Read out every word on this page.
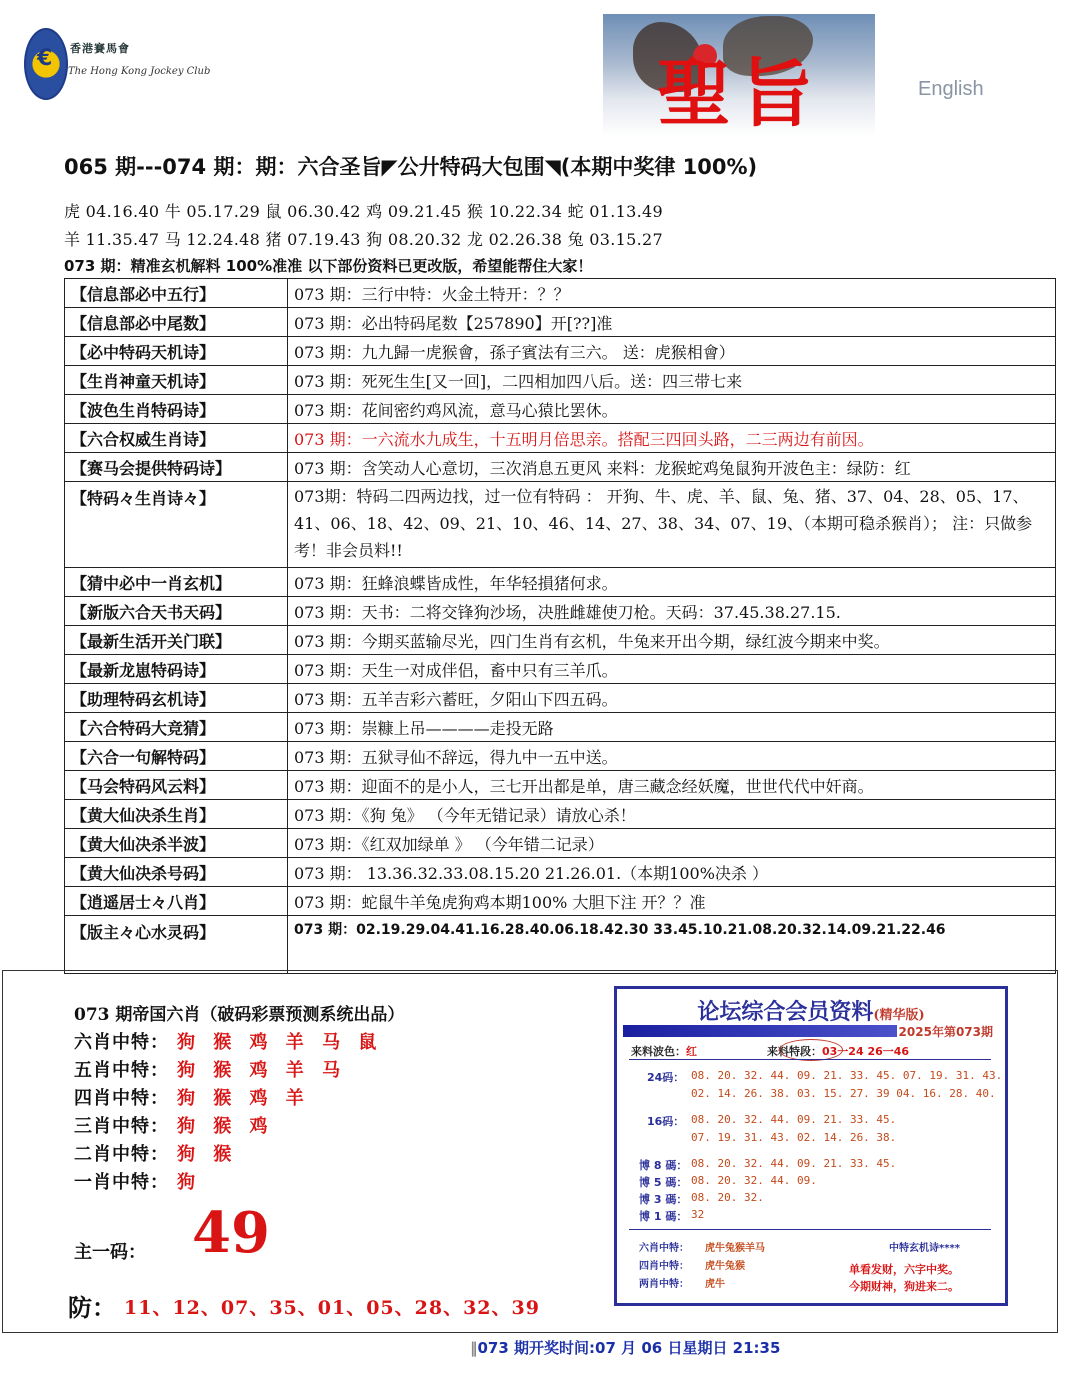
€
香港賽馬會
The Hong Kong Jockey Club	聖旨	English
065 期---074 期：期：六合圣旨◤公廾特码大包围◥(本期中奖律 100%)
虎 04.16.40 牛 05.17.29 鼠 06.30.42 鸡 09.21.45 猴 10.22.34 蛇 01.13.49
羊 11.35.47 马 12.24.48 猪 07.19.43 狗 08.20.32 龙 02.26.38 兔 03.15.27
073 期：精准玄机解料 100%准准 以下部份资料已更改版，希望能帮住大家！
【信息部必中五行】	073 期：三行中特：火金土特开：？？
【信息部必中尾数】	073 期：必出特码尾数【257890】开[??]准
【必中特码天机诗】	073 期：九九歸一虎猴會，孫子賓法有三六。 送：虎猴相會）
【生肖神童天机诗】	073 期：死死生生[又一回]，二四相加四八后。送：四三带七来
【波色生肖特码诗】	073 期：花间密约鸡风流，意马心猿比罢休。
【六合权威生肖诗】	073 期：一六流水九成生，十五明月倍思亲。搭配三四回头路，二三两边有前因。
【赛马会提供特码诗】	073 期：含笑动人心意切，三次消息五更风 来料：龙猴蛇鸡兔鼠狗开波色主：绿防：红
【特码々生肖诗々】	073期：特码二四两边找，过一位有特码 ： 开狗、牛、虎、羊、鼠、兔、猪、37、04、28、05、17、41、06、18、42、09、21、10、46、14、27、38、34、07、19、（本期可稳杀猴肖）； 注：只做参考！非会员料!!
【猜中必中一肖玄机】	073 期：狂蜂浪蝶皆成性，年华轻損猪何求。
【新版六合天书天码】	073 期：天书：二将交锋狗沙场，决胜雌雄使刀枪。天码：37.45.38.27.15.
【最新生活开关门联】	073 期：今期买蓝输尽光，四门生肖有玄机，牛兔来开出今期，绿红波今期来中奖。
【最新龙崽特码诗】	073 期：天生一对成伴侣，畜中只有三羊爪。
【助理特码玄机诗】	073 期：五羊吉彩六蓄旺，夕阳山下四五码。
【六合特码大竞猜】	073 期：崇糠上吊————走投无路
【六合一句解特码】	073 期：五狱寻仙不辞远，得九中一五中送。
【马会特码风云料】	073 期：迎面不的是小人，三七开出都是单，唐三藏念经妖魔，世世代代中奸商。
【黄大仙决杀生肖】	073 期：《狗 兔》 （今年无错记录）请放心杀！
【黄大仙决杀半波】	073 期：《红双加绿单 》 （今年错二记录）
【黄大仙决杀号码】	073 期： 13.36.32.33.08.15.20 21.26.01.（本期100%决杀 ）
【逍遥居士々八肖】	073 期：蛇鼠牛羊兔虎狗鸡本期100% 大胆下注 开？？准
【版主々心水灵码】	073 期：02.19.29.04.41.16.28.40.06.18.42.30 33.45.10.21.08.20.32.14.09.21.22.46
073 期帝国六肖（破码彩票预测系统出品）
六肖中特： 狗 猴 鸡 羊 马 鼠
五肖中特： 狗 猴 鸡 羊 马
四肖中特： 狗 猴 鸡 羊
三肖中特： 狗 猴 鸡
二肖中特： 狗 猴
一肖中特： 狗
主一码： 49
防： 11、12、07、35、01、05、28、32、39
论坛综合会员资料(精华版)
2025年第073期
来料波色：红	来料特段：03一24 26一46
24码： 08. 20. 32. 44. 09. 21. 33. 45. 07. 19. 31. 43.
02. 14. 26. 38. 03. 15. 27. 39 04. 16. 28. 40.
16码： 08. 20. 32. 44. 09. 21. 33. 45.
07. 19. 31. 43. 02. 14. 26. 38.
博 8 碼： 08. 20. 32. 44. 09. 21. 33. 45.
博 5 碼： 08. 20. 32. 44. 09.
博 3 碼： 08. 20. 32.
博 1 碼： 32
六肖中特： 虎牛兔猴羊马
四肖中特： 虎牛兔猴
两肖中特： 虎牛
中特玄机诗****
单看发财，六字中奖。
今期财神，狗进来二。
‖073 期开奖时间:07 月 06 日星期日 21:35
